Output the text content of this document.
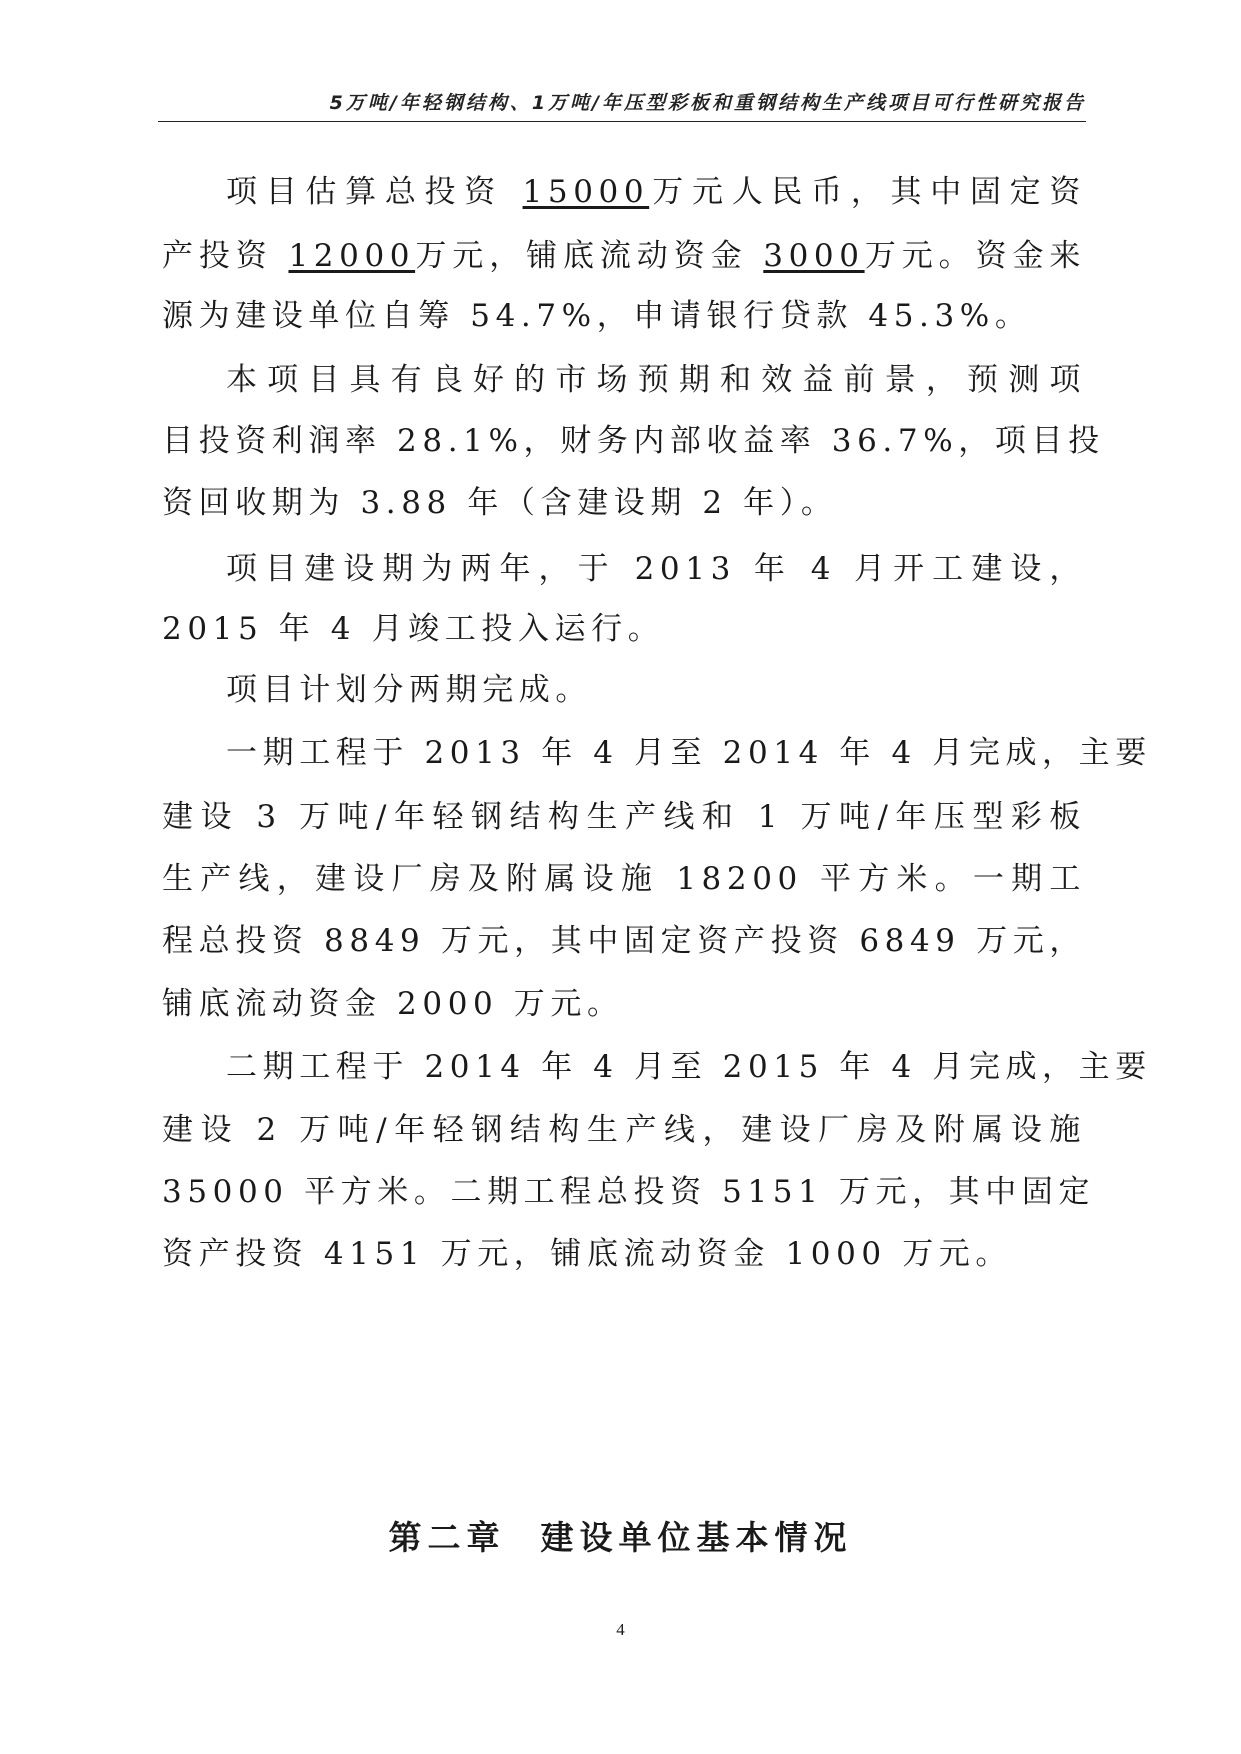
5万吨/年轻钢结构、1万吨/年压型彩板和重钢结构生产线项目可行性研究报告
项目估算总投资 15000万元人民币，其中固定资
产投资 12000万元，铺底流动资金 3000万元。资金来
源为建设单位自筹 54.7%，申请银行贷款 45.3%。
本项目具有良好的市场预期和效益前景，预测项
目投资利润率 28.1%，财务内部收益率 36.7%，项目投
资回收期为 3.88 年（含建设期 2 年）。
项目建设期为两年，于 2013 年 4 月开工建设，
2015 年 4 月竣工投入运行。
项目计划分两期完成。
一期工程于 2013 年 4 月至 2014 年 4 月完成，主要
建设 3 万吨/年轻钢结构生产线和 1 万吨/年压型彩板
生产线，建设厂房及附属设施 18200 平方米。一期工
程总投资 8849 万元，其中固定资产投资 6849 万元，
铺底流动资金 2000 万元。
二期工程于 2014 年 4 月至 2015 年 4 月完成，主要
建设 2 万吨/年轻钢结构生产线，建设厂房及附属设施
35000 平方米。二期工程总投资 5151 万元，其中固定
资产投资 4151 万元，铺底流动资金 1000 万元。
第二章  建设单位基本情况
4
